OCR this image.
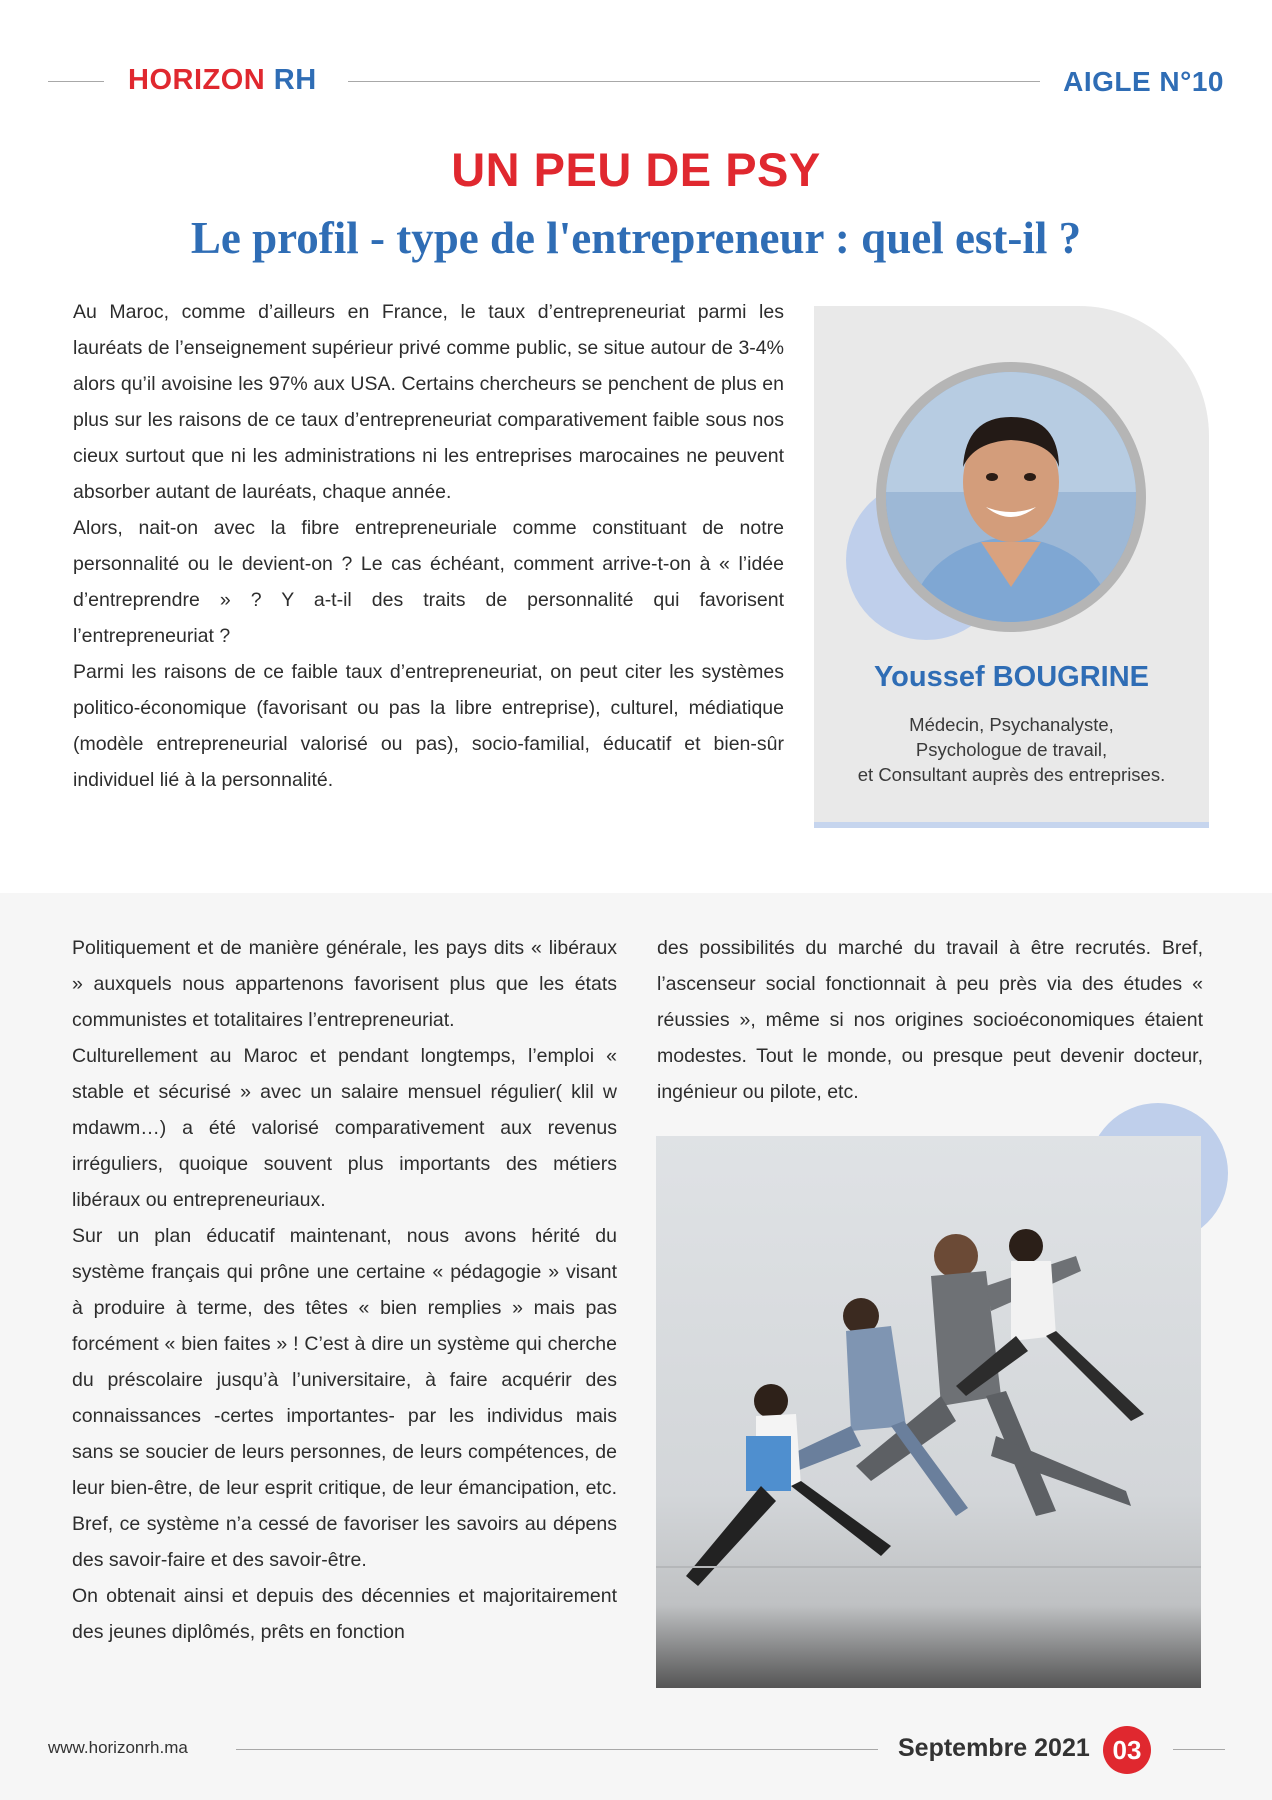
HORIZON RH	AIGLE N°10
UN PEU DE PSY
Le profil - type de l'entrepreneur : quel est-il ?

Au Maroc, comme d’ailleurs en France, le taux d’entrepreneuriat parmi les lauréats de l’enseignement supérieur privé comme public, se situe autour de 3-4% alors qu’il avoisine les 97% aux USA. Certains chercheurs se penchent de plus en plus sur les raisons de ce taux d’entrepreneuriat comparativement faible sous nos cieux surtout que ni les administrations ni les entreprises marocaines ne peuvent absorber autant de lauréats, chaque année.

Alors, nait-on avec la fibre entrepreneuriale comme constituant de notre personnalité ou le devient-on ? Le cas échéant, comment arrive-t-on à « l’idée d’entreprendre » ? Y a-t-il des traits de personnalité qui favorisent l’entrepreneuriat ?

Parmi les raisons de ce faible taux d’entrepreneuriat, on peut citer les systèmes politico-économique (favorisant ou pas la libre entreprise), culturel, médiatique (modèle entrepreneurial valorisé ou pas), socio-familial, éducatif et bien-sûr individuel lié à la personnalité.

Youssef BOUGRINE
Médecin, Psychanalyste,
Psychologue de travail,
et Consultant auprès des entreprises.

Politiquement et de manière générale, les pays dits « libéraux » auxquels nous appartenons favorisent plus que les états communistes et totalitaires l’entrepreneuriat.

Culturellement au Maroc et pendant longtemps, l’emploi « stable et sécurisé » avec un salaire mensuel régulier( klil w mdawm…) a été valorisé comparativement aux revenus irréguliers, quoique souvent plus importants des métiers libéraux ou entrepreneuriaux.

Sur un plan éducatif maintenant, nous avons hérité du système français qui prône une certaine « pédagogie » visant à produire à terme, des têtes « bien remplies » mais pas forcément « bien faites » ! C’est à dire un système qui cherche du préscolaire jusqu’à l’universitaire, à faire acquérir des connaissances -certes importantes- par les individus mais sans se soucier de leurs personnes, de leurs compétences, de leur bien-être, de leur esprit critique, de leur émancipation, etc. Bref, ce système n’a cessé de favoriser les savoirs au dépens des savoir-faire et des savoir-être.

On obtenait ainsi et depuis des décennies et majoritairement des jeunes diplômés, prêts en fonction

des possibilités du marché du travail à être recrutés. Bref, l’ascenseur social fonctionnait à peu près via des études « réussies », même si nos origines socioéconomiques étaient modestes. Tout le monde, ou presque peut devenir docteur, ingénieur ou pilote, etc.

www.horizonrh.ma	Septembre 2021 03
